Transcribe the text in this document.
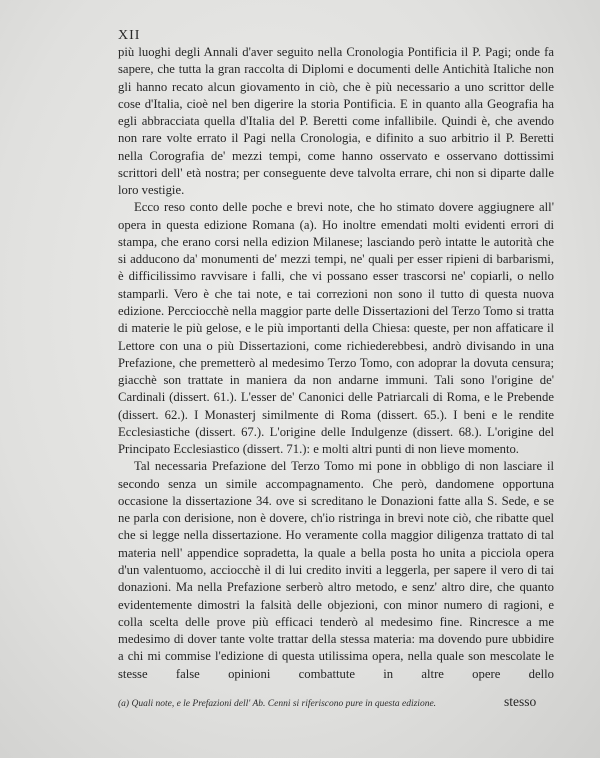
XII

più luoghi degli Annali d'aver seguito nella Cronologia Pontificia il P. Pagi; onde fa sapere, che tutta la gran raccolta di Diplomi e documenti delle Antichità Italiche non gli hanno recato alcun giovamento in ciò, che è più necessario a uno scrittor delle cose d'Italia, cioè nel ben digerire la storia Pontificia. E in quanto alla Geografia ha egli abbracciata quella d'Italia del P. Beretti come infallibile. Quindi è, che avendo non rare volte errato il Pagi nella Cronologia, e difinito a suo arbitrio il P. Beretti nella Corografia de' mezzi tempi, come hanno osservato e osservano dottissimi scrittori dell' età nostra; per conseguente deve talvolta errare, chi non si diparte dalle loro vestigie.

Ecco reso conto delle poche e brevi note, che ho stimato dovere aggiugnere all' opera in questa edizione Romana (a). Ho inoltre emendati molti evidenti errori di stampa, che erano corsi nella edizion Milanese; lasciando però intatte le autorità che si adducono da' monumenti de' mezzi tempi, ne' quali per esser ripieni di barbarismi, è difficilissimo ravvisare i falli, che vi possano esser trascorsi ne' copiarli, o nello stamparli. Vero è che tai note, e tai correzioni non sono il tutto di questa nuova edizione. Percciocchè nella maggior parte delle Dissertazioni del Terzo Tomo si tratta di materie le più gelose, e le più importanti della Chiesa: queste, per non affaticare il Lettore con una o più Dissertazioni, come richiederebbesi, andrò divisando in una Prefazione, che premetterò al medesimo Terzo Tomo, con adoprar la dovuta censura; giacchè son trattate in maniera da non andarne immuni. Tali sono l'origine de' Cardinali (dissert. 61.). L'esser de' Canonici delle Patriarcali di Roma, e le Prebende (dissert. 62.). I Monasterj similmente di Roma (dissert. 65.). I beni e le rendite Ecclesiastiche (dissert. 67.). L'origine delle Indulgenze (dissert. 68.). L'origine del Principato Ecclesiastico (dissert. 71.): e molti altri punti di non lieve momento.

Tal necessaria Prefazione del Terzo Tomo mi pone in obbligo di non lasciare il secondo senza un simile accompagnamento. Che però, dandomene opportuna occasione la dissertazione 34. ove si screditano le Donazioni fatte alla S. Sede, e se ne parla con derisione, non è dovere, ch'io ristringa in brevi note ciò, che ribatte quel che si legge nella dissertazione. Ho veramente colla maggior diligenza trattato di tal materia nell' appendice sopradetta, la quale a bella posta ho unita a picciola opera d'un valentuomo, acciocchè il di lui credito inviti a leggerla, per sapere il vero di tai donazioni. Ma nella Prefazione serberò altro metodo, e senz' altro dire, che quanto evidentemente dimostri la falsità delle objezioni, con minor numero di ragioni, e colla scelta delle prove più efficaci tenderò al medesimo fine. Rincresce a me medesimo di dover tante volte trattar della stessa materia: ma dovendo pure ubbidire a chi mi commise l'edizione di questa utilissima opera, nella quale son mescolate le stesse false opinioni combattute in altre opere dello

(a) Quali note, e le Prefazioni dell' Ab. Cenni si riferiscono pure in questa edizione.	stesso
